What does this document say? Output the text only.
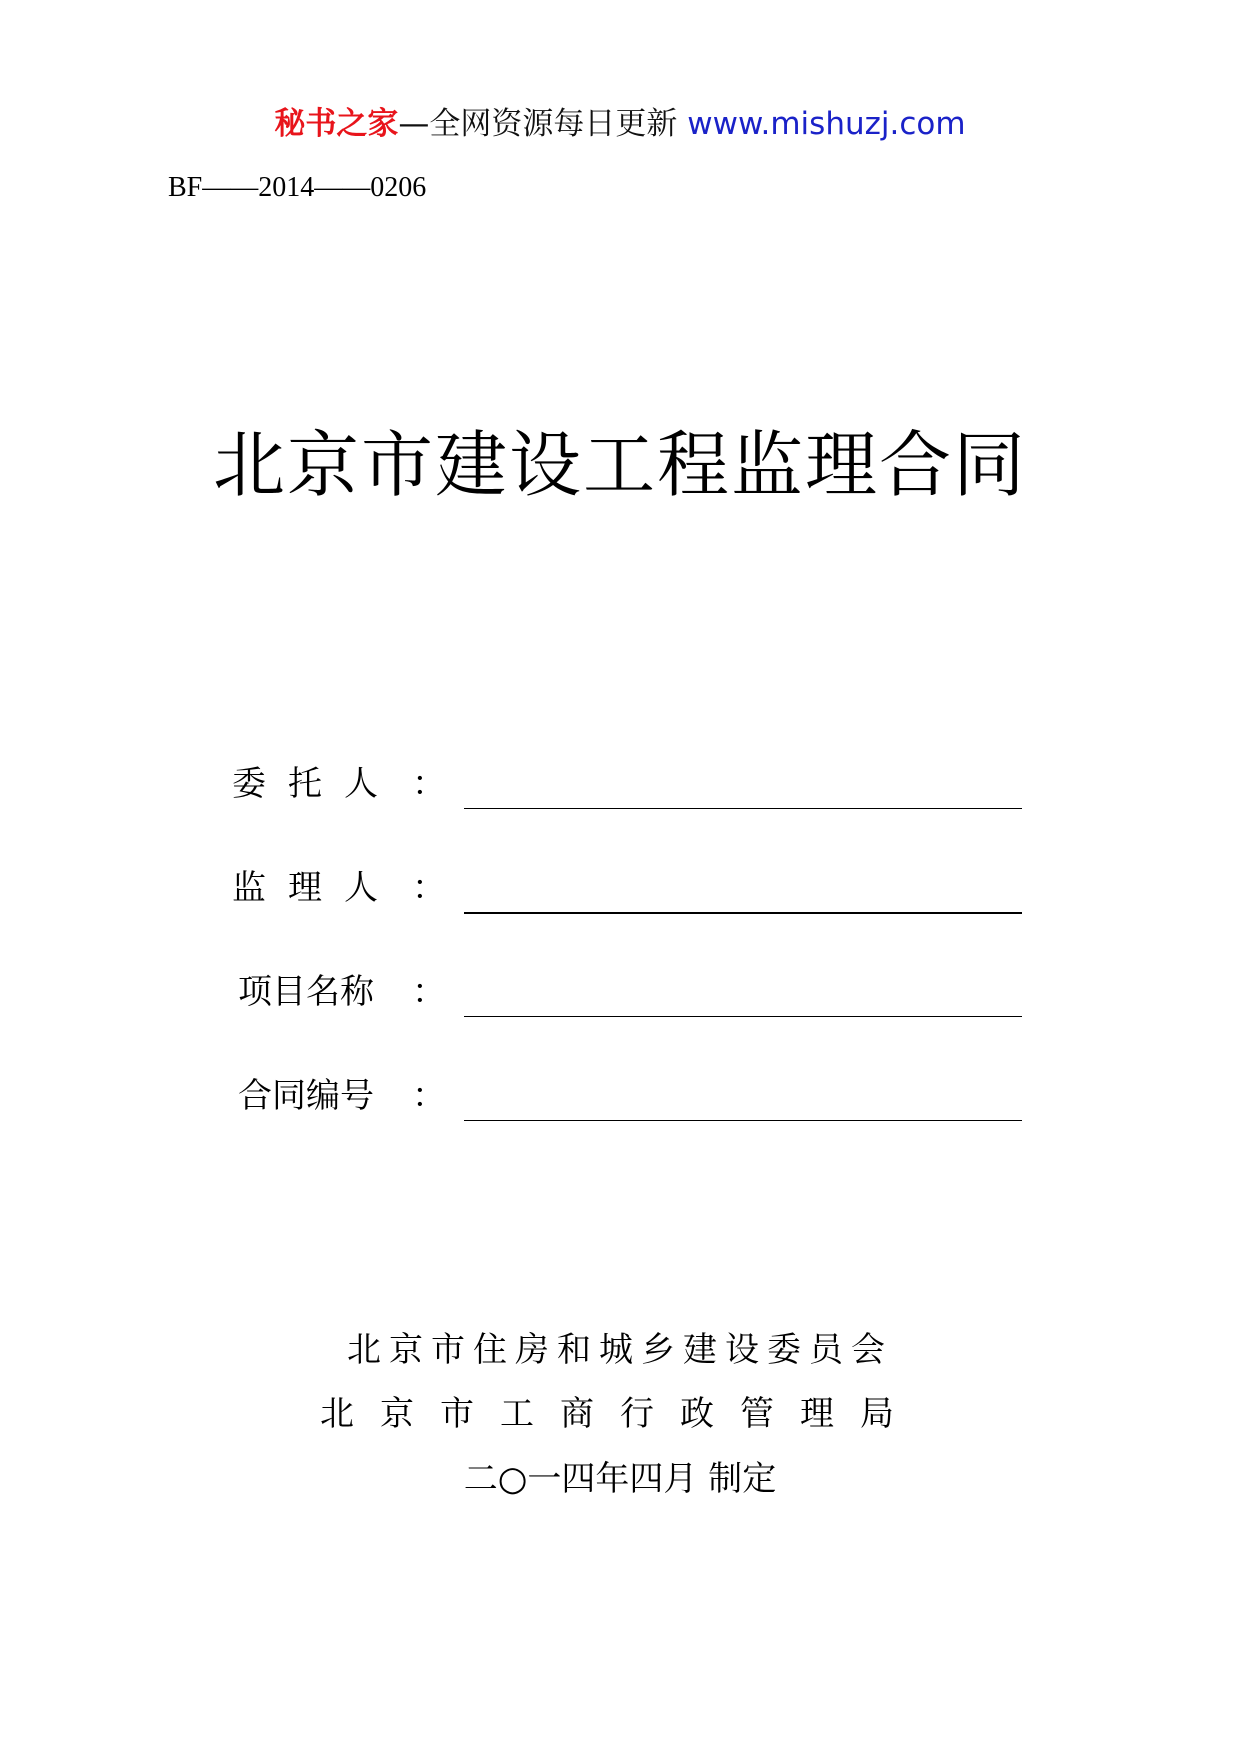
秘书之家—全网资源每日更新 www.mishuzj.com
BF——2014——0206
北京市建设工程监理合同
委托人 ：
监理人 ：
项目名称	：
合同编号	：
北京市住房和城乡建设委员会
北京市工商行政管理局
二○一四年四月 制定
